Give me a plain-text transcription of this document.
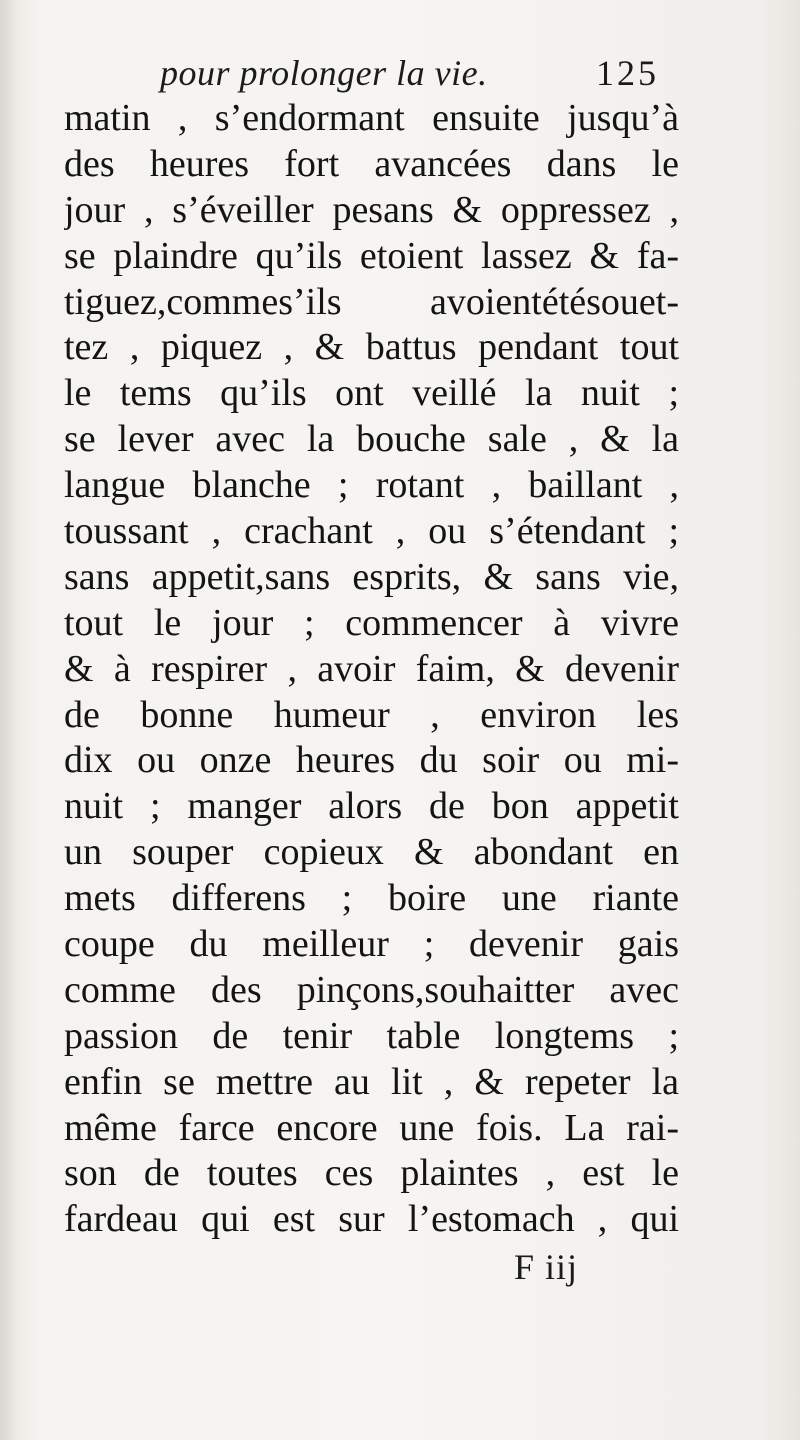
pour prolonger la vie.	125
matin , s’endormant ensuite jusqu’à
des heures fort avancées dans le
jour , s’éveiller pesans & oppressez ,
se plaindre qu’ils etoient lassez & fa-
tiguez,commes’ils avoientétésouet-
tez , piquez , & battus pendant tout
le tems qu’ils ont veillé la nuit ;
se lever avec la bouche sale , & la
langue blanche ; rotant , baillant ,
toussant , crachant , ou s’étendant ;
sans appetit,sans esprits, & sans vie,
tout le jour ; commencer à vivre
& à respirer , avoir faim, & devenir
de bonne humeur , environ les
dix ou onze heures du soir ou mi-
nuit ; manger alors de bon appetit
un souper copieux & abondant en
mets differens ; boire une riante
coupe du meilleur ; devenir gais
comme des pinçons,souhaitter avec
passion de tenir table longtems ;
enfin se mettre au lit , & repeter la
même farce encore une fois. La rai-
son de toutes ces plaintes , est le
fardeau qui est sur l’estomach , qui
F iij
